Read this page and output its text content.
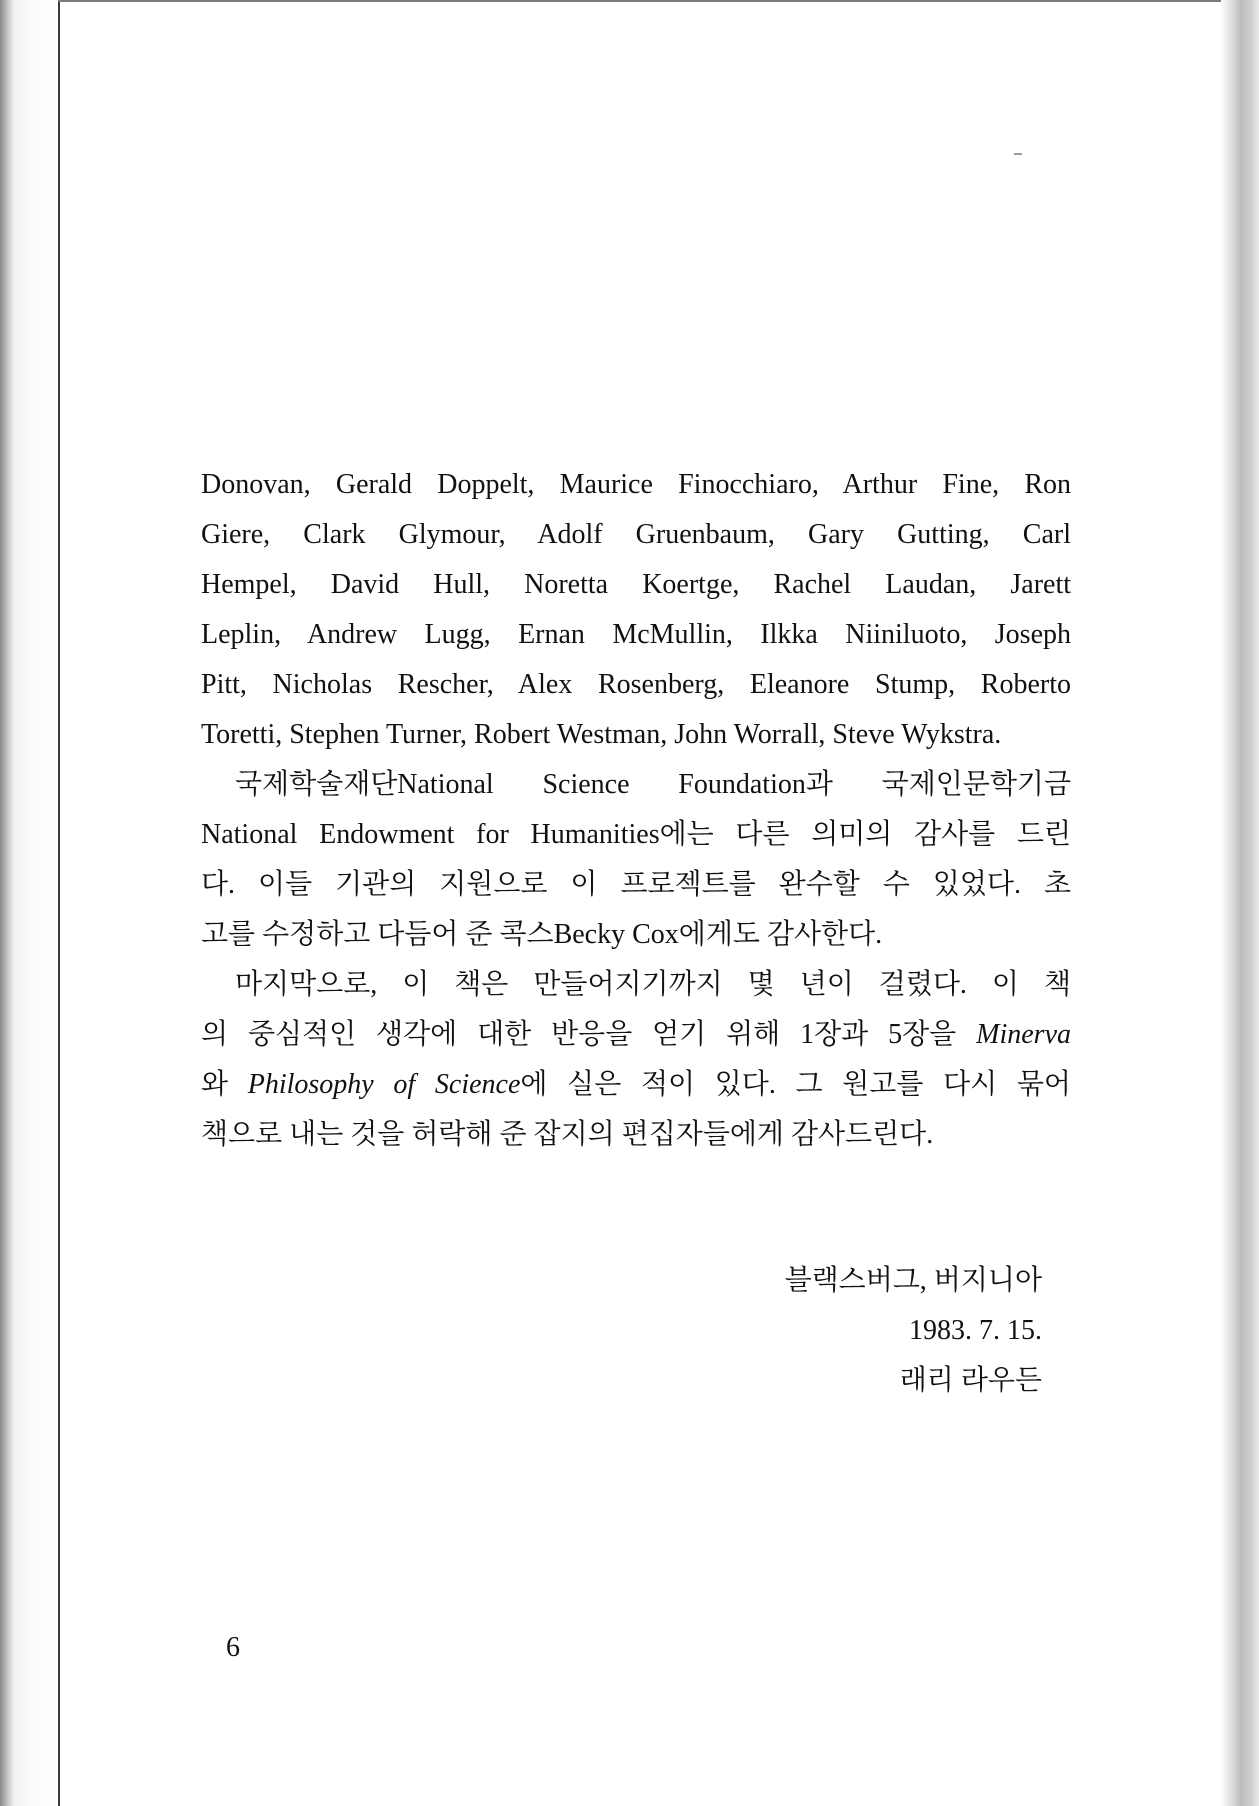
Donovan, Gerald Doppelt, Maurice Finocchiaro, Arthur Fine, Ron
Giere, Clark Glymour, Adolf Gruenbaum, Gary Gutting, Carl
Hempel, David Hull, Noretta Koertge, Rachel Laudan, Jarett
Leplin, Andrew Lugg, Ernan McMullin, Ilkka Niiniluoto, Joseph
Pitt, Nicholas Rescher, Alex Rosenberg, Eleanore Stump, Roberto
Toretti, Stephen Turner, Robert Westman, John Worrall, Steve Wykstra.
국제학술재단National Science Foundation과 국제인문학기금
National Endowment for Humanities에는 다른 의미의 감사를 드린
다. 이들 기관의 지원으로 이 프로젝트를 완수할 수 있었다. 초
고를 수정하고 다듬어 준 콕스Becky Cox에게도 감사한다.
마지막으로, 이 책은 만들어지기까지 몇 년이 걸렸다. 이 책
의 중심적인 생각에 대한 반응을 얻기 위해 1장과 5장을 Minerva
와 Philosophy of Science에 실은 적이 있다. 그 원고를 다시 묶어
책으로 내는 것을 허락해 준 잡지의 편집자들에게 감사드린다.
블랙스버그, 버지니아
1983. 7. 15.
래리 라우든
6
